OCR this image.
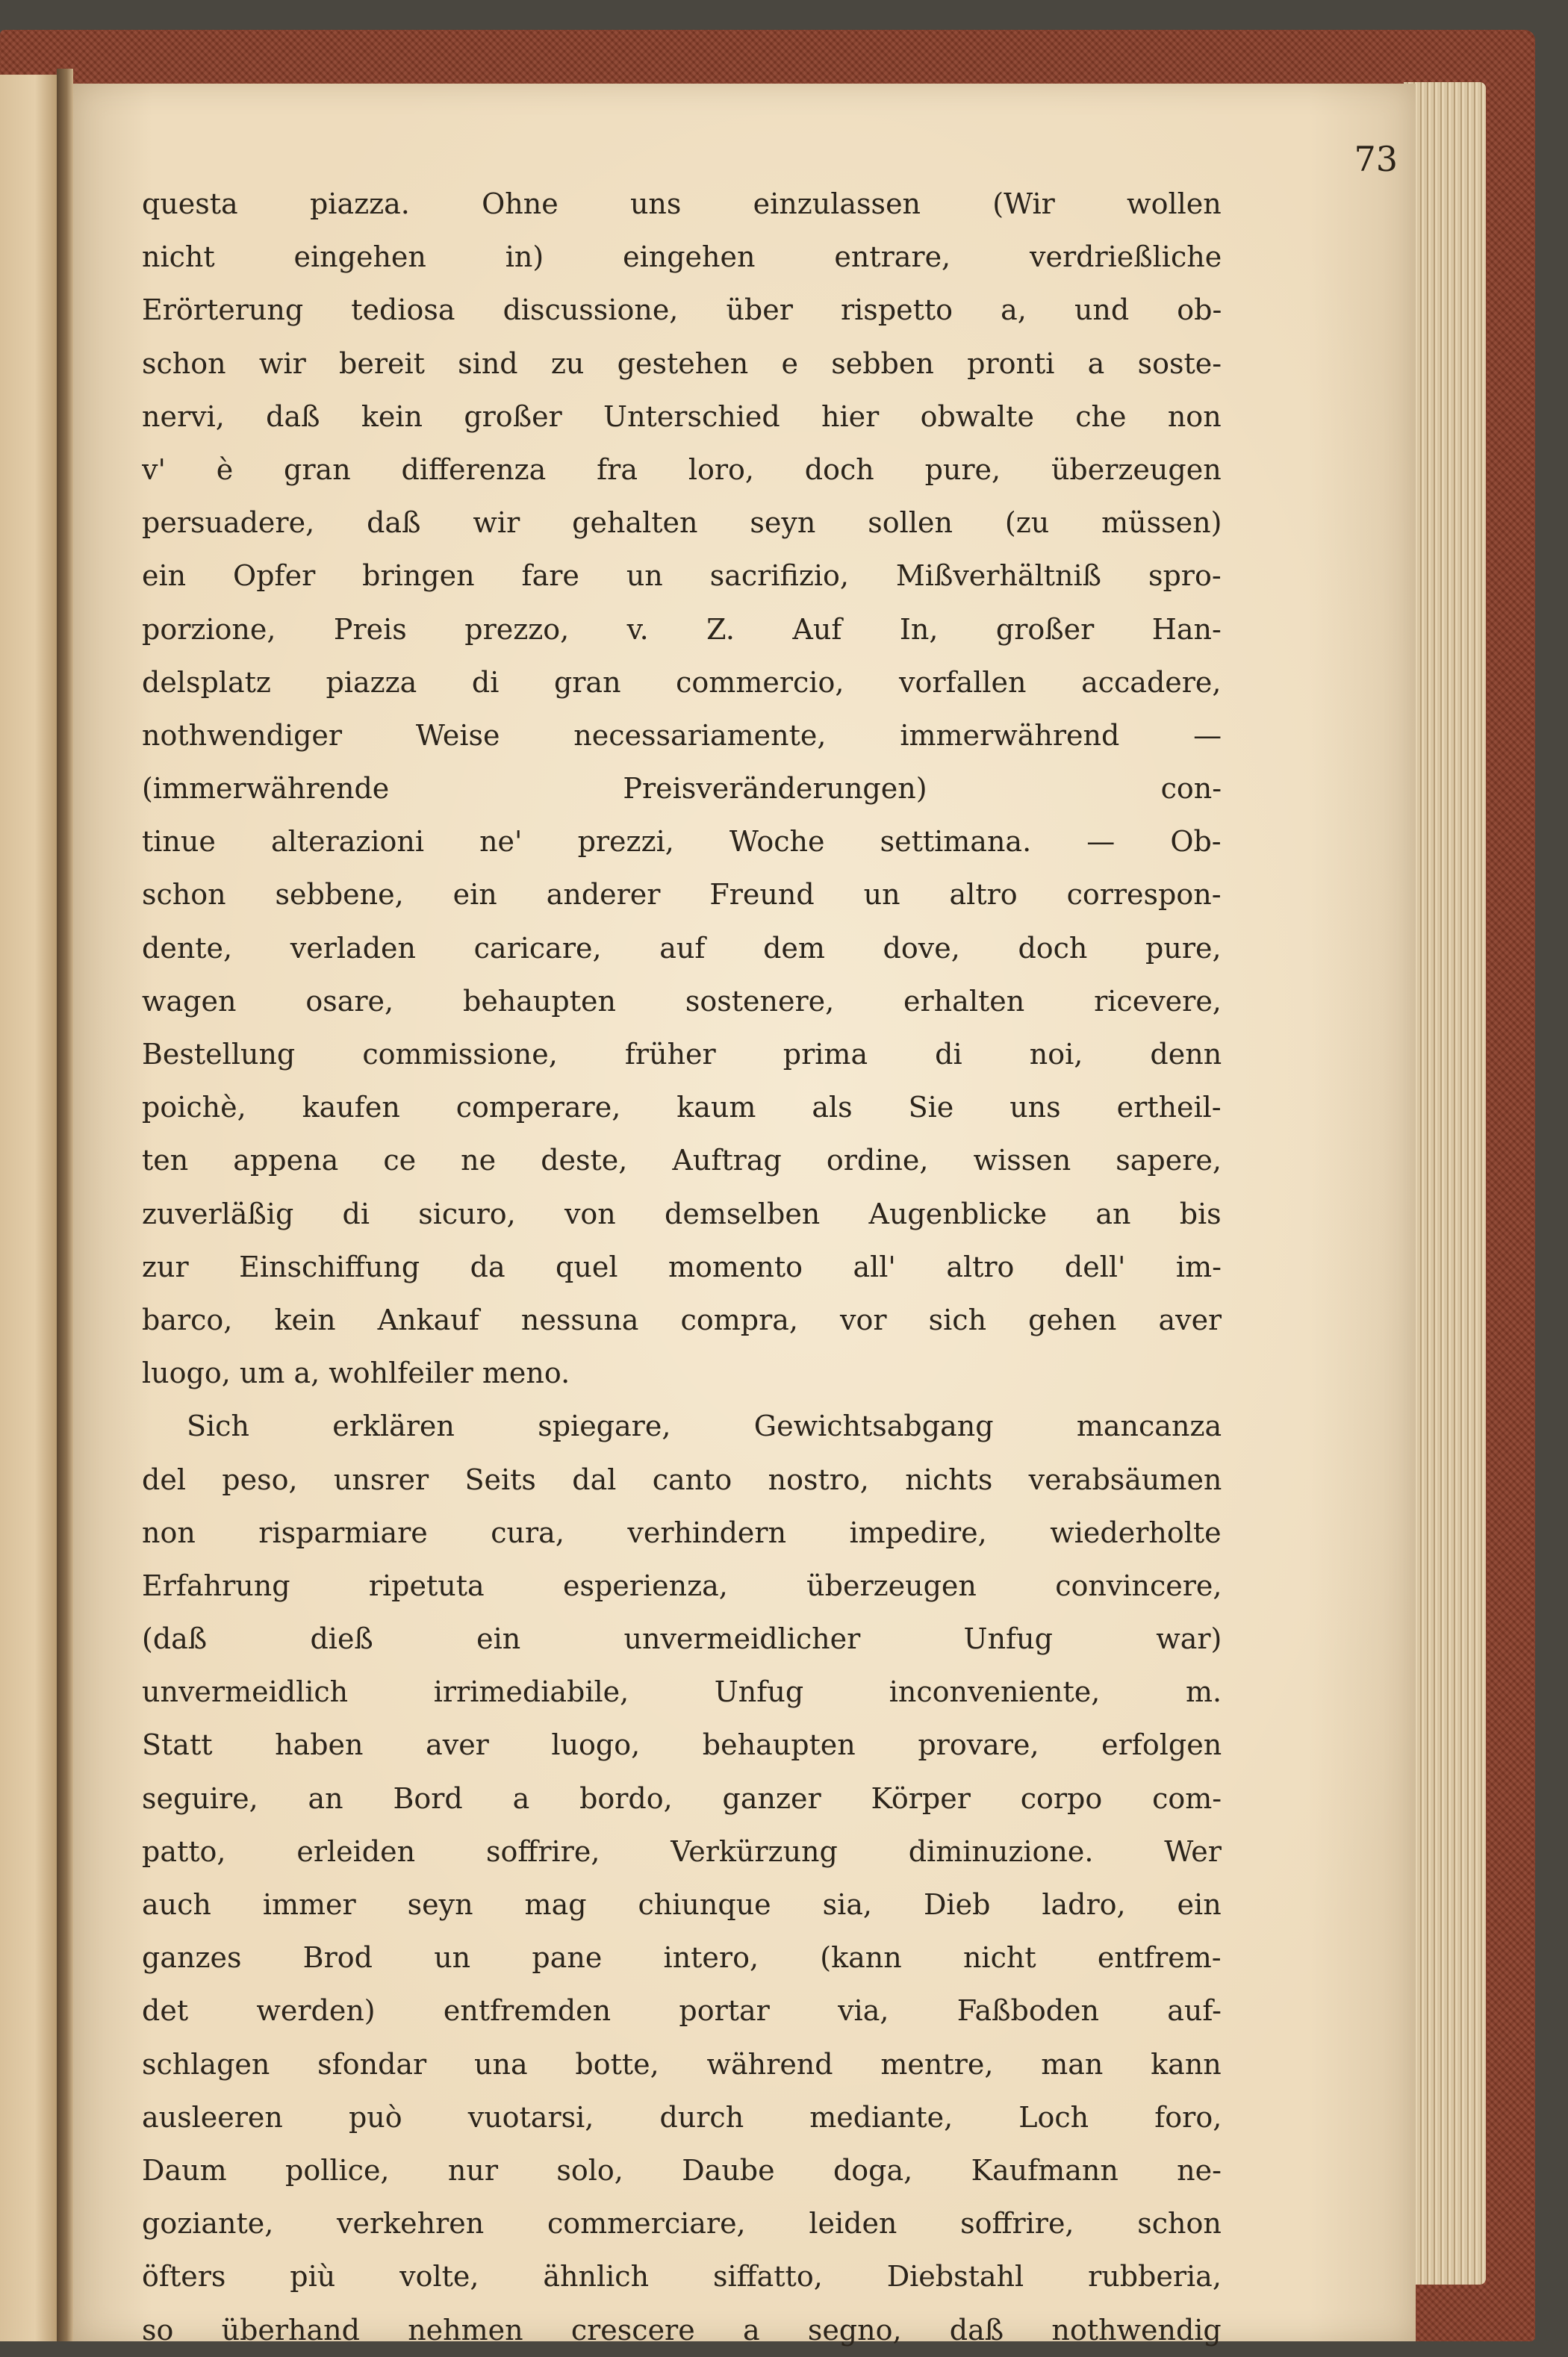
73
questa piazza. Ohne uns einzulassen (Wir wollen
nicht eingehen in) eingehen entrare, verdrießliche
Erörterung tediosa discussione, über rispetto a, und ob-
schon wir bereit sind zu gestehen e sebben pronti a soste-
nervi, daß kein großer Unterschied hier obwalte che non
v' è gran differenza fra loro, doch pure, überzeugen
persuadere, daß wir gehalten seyn sollen (zu müssen)
ein Opfer bringen fare un sacrifizio, Mißverhältniß spro-
porzione, Preis prezzo, v. Z. Auf In, großer Han-
delsplatz piazza di gran commercio, vorfallen accadere,
nothwendiger Weise necessariamente, immerwährend —
(immerwährende Preisveränderungen) con-
tinue alterazioni ne' prezzi, Woche settimana. — Ob-
schon sebbene, ein anderer Freund un altro correspon-
dente, verladen caricare, auf dem dove, doch pure,
wagen osare, behaupten sostenere, erhalten ricevere,
Bestellung commissione, früher prima di noi, denn
poichè, kaufen comperare, kaum als Sie uns ertheil-
ten appena ce ne deste, Auftrag ordine, wissen sapere,
zuverläßig di sicuro, von demselben Augenblicke an bis
zur Einschiffung da quel momento all' altro dell' im-
barco, kein Ankauf nessuna compra, vor sich gehen aver
luogo, um a, wohlfeiler meno.
Sich erklären spiegare, Gewichtsabgang mancanza
del peso, unsrer Seits dal canto nostro, nichts verabsäumen
non risparmiare cura, verhindern impedire, wiederholte
Erfahrung ripetuta esperienza, überzeugen convincere,
(daß dieß ein unvermeidlicher Unfug war)
unvermeidlich irrimediabile, Unfug inconveniente, m.
Statt haben aver luogo, behaupten provare, erfolgen
seguire, an Bord a bordo, ganzer Körper corpo com-
patto, erleiden soffrire, Verkürzung diminuzione. Wer
auch immer seyn mag chiunque sia, Dieb ladro, ein
ganzes Brod un pane intero, (kann nicht entfrem-
det werden) entfremden portar via, Faßboden auf-
schlagen sfondar una botte, während mentre, man kann
ausleeren può vuotarsi, durch mediante, Loch foro,
Daum pollice, nur solo, Daube doga, Kaufmann ne-
goziante, verkehren commerciare, leiden soffrire, schon
öfters più volte, ähnlich siffatto, Diebstahl rubberia,
so überhand nehmen crescere a segno, daß nothwendig
